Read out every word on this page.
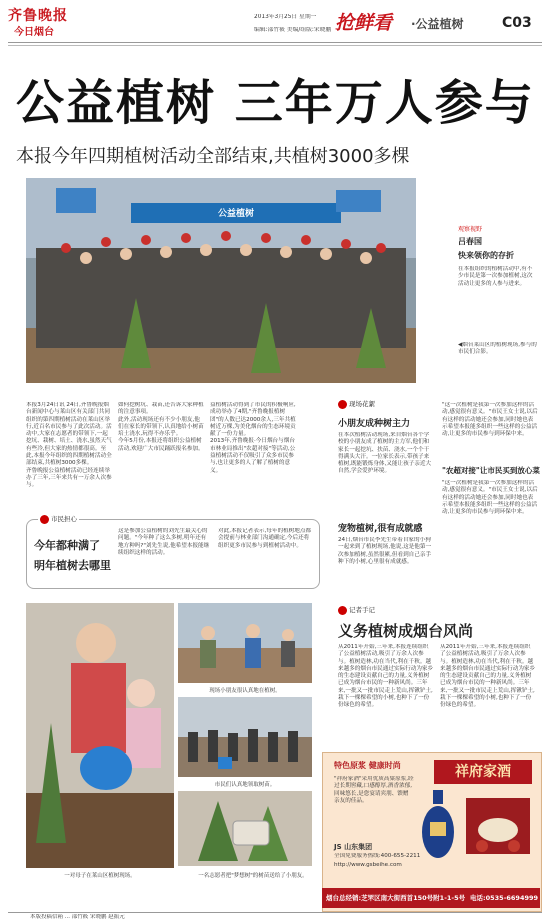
齐鲁晚报
今日烟台
2013年3月25日 星期一
编辑:邵竹筱 美编/组版:宋晓鹏 抢鲜看 ·公益植树	C03
公益植树 三年万人参与
本报今年四期植树活动全部结束,共植树3000多棵
公益植树
观察视野
吕春国
快来领你的存折
在本报组织的植树活动中,有不少市民是第一次参加植树,这次活动让更多的人参与进来。
◀烟台莱山区的植树现场,参与的市民们合影。
本报3月24日讯 24日,齐鲁晚报烟台新闻中心与莱山区有关部门共同组织的第四期植树活动在莱山区举行,近百名市民参与了此次活动。活动中,大家在志愿者的带领下,一起挖坑、栽树、培土、浇水,虽然天气有些冷,但大家的热情都很高。至此,本报今年组织的四期植树活动全部结束,共植树3000多棵。
齐鲁晚报公益植树活动已经连续举办了三年,三年来共有一万余人次参与。
如何挖树坑、栽苗,还告诉大家种植的注意事项。
此外,活动现场还有不少小朋友,他们在家长的带领下,认真地给小树苗培土浇水,玩得不亦乐乎。
今年5月份,本报还将组织公益植树活动,欢迎广大市民踊跃报名参加。
益植树活动得到了市民的积极响应,成功举办了4期,"齐鲁晚报植树团"的人数已达2000余人,三年共植树近万棵,为美化烟台的生态环境贡献了一份力量。
2013年,齐鲁晚报·今日烟台与烟台市林业局推出"农超对接"等活动,公益植树活动不仅吸引了众多市民参与,也让更多的人了解了植树的意义。
现场花絮
小朋友成种树主力
在本次植树活动现场,来自烟台各个学校的小朋友成了植树的主力军,他们和家长一起挖坑、扶苗、浇水,一个个干得满头大汗。一位家长表示,带孩子来植树,既能锻炼身体,又能让孩子亲近大自然,学会爱护环境。
宠物植树,很有成就感
24日,烟台市民李先生带着自家的小狗一起来到了植树现场,他说,这是他第一次参加植树,虽然很累,但看到自己亲手种下的小树,心里很有成就感。
"这一次植树是我第一次参加这样的活动,感觉很有意义。"市民王女士说,以后有这样的活动她还会参加,同时她也表示希望本报能多组织一些这样的公益活动,让更多的市民参与到环保中来。
"农超对接"让市民买到放心菜
"这一次植树是我第一次参加这样的活动,感觉很有意义。"市民王女士说,以后有这样的活动她还会参加,同时她也表示希望本报能多组织一些这样的公益活动,让更多的市民参与到环保中来。
市民担心
今年都种满了
明年植树去哪里
这是参加公益植树的刘先生最关心的问题。"今年种了这么多树,明年还有地方种吗?"刘先生说,他希望本报能继续组织这样的活动。
对此,本报记者表示,每年的植树地点都会提前与林业部门沟通确定,今后还将组织更多市民参与到植树活动中。
一对母子在莱山区植树现场。
现场小朋友很认真地在植树。
市民们认真地领取树苗。
一名志愿者把"梦想树"的树苗送给了小朋友。
记者手记
义务植树成烟台风尚
从2011年开始,三年来,本报连续组织了公益植树活动,吸引了万余人次参与。植树造林,功在当代,利在千秋。越来越多的烟台市民通过实际行动为家乡的生态建设贡献自己的力量,义务植树已成为烟台市民的一种新风尚。三年来,一批又一批市民走上荒山,挥锹铲土,栽下一棵棵希望的小树,也种下了一份份绿色的希望。
从2011年开始,三年来,本报连续组织了公益植树活动,吸引了万余人次参与。植树造林,功在当代,利在千秋。越来越多的烟台市民通过实际行动为家乡的生态建设贡献自己的力量,义务植树已成为烟台市民的一种新风尚。三年来,一批又一批市民走上荒山,挥锹铲土,栽下一棵棵希望的小树,也种下了一份份绿色的希望。
特色原浆 健康时尚
"祥府家酒"采用优质高粱原浆,经过长期窖藏,口感醇厚,酒香浓郁,回味悠长,是您宴请宾朋、馈赠亲友的佳品。
祥府家酒
JS 山东集团
全国免费服务热线:400-655-2211
http://www.gsbeihe.com
烟台总经销:芝罘区南大街西首150号附1-1-5号 电话:0535-6694999
本版投稿信箱 ... 邵竹筱 宋晓鹏 赵振元
